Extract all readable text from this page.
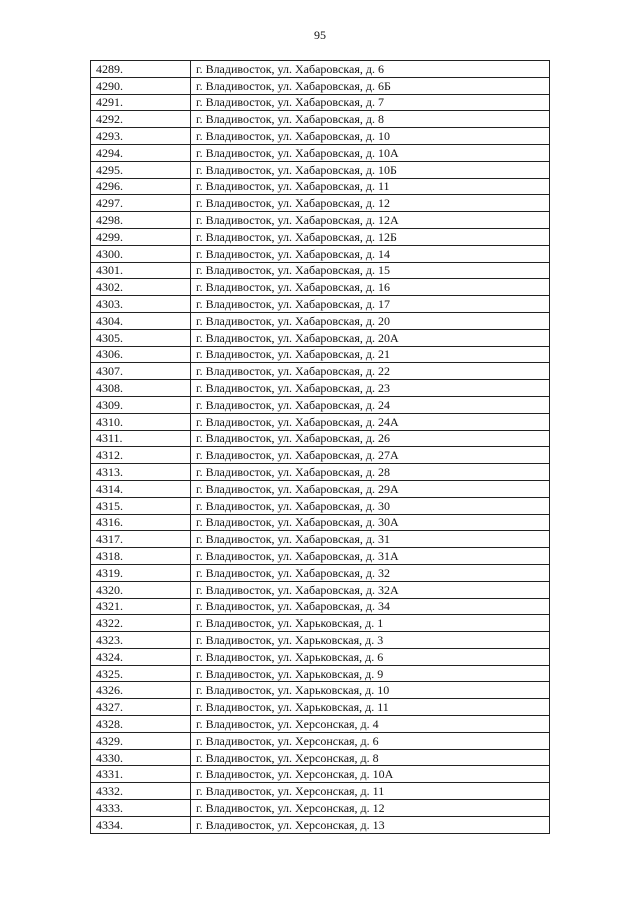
95
4289.	г. Владивосток, ул. Хабаровская, д. 6
4290.	г. Владивосток, ул. Хабаровская, д. 6Б
4291.	г. Владивосток, ул. Хабаровская, д. 7
4292.	г. Владивосток, ул. Хабаровская, д. 8
4293.	г. Владивосток, ул. Хабаровская, д. 10
4294.	г. Владивосток, ул. Хабаровская, д. 10А
4295.	г. Владивосток, ул. Хабаровская, д. 10Б
4296.	г. Владивосток, ул. Хабаровская, д. 11
4297.	г. Владивосток, ул. Хабаровская, д. 12
4298.	г. Владивосток, ул. Хабаровская, д. 12А
4299.	г. Владивосток, ул. Хабаровская, д. 12Б
4300.	г. Владивосток, ул. Хабаровская, д. 14
4301.	г. Владивосток, ул. Хабаровская, д. 15
4302.	г. Владивосток, ул. Хабаровская, д. 16
4303.	г. Владивосток, ул. Хабаровская, д. 17
4304.	г. Владивосток, ул. Хабаровская, д. 20
4305.	г. Владивосток, ул. Хабаровская, д. 20А
4306.	г. Владивосток, ул. Хабаровская, д. 21
4307.	г. Владивосток, ул. Хабаровская, д. 22
4308.	г. Владивосток, ул. Хабаровская, д. 23
4309.	г. Владивосток, ул. Хабаровская, д. 24
4310.	г. Владивосток, ул. Хабаровская, д. 24А
4311.	г. Владивосток, ул. Хабаровская, д. 26
4312.	г. Владивосток, ул. Хабаровская, д. 27А
4313.	г. Владивосток, ул. Хабаровская, д. 28
4314.	г. Владивосток, ул. Хабаровская, д. 29А
4315.	г. Владивосток, ул. Хабаровская, д. 30
4316.	г. Владивосток, ул. Хабаровская, д. 30А
4317.	г. Владивосток, ул. Хабаровская, д. 31
4318.	г. Владивосток, ул. Хабаровская, д. 31А
4319.	г. Владивосток, ул. Хабаровская, д. 32
4320.	г. Владивосток, ул. Хабаровская, д. 32А
4321.	г. Владивосток, ул. Хабаровская, д. 34
4322.	г. Владивосток, ул. Харьковская, д. 1
4323.	г. Владивосток, ул. Харьковская, д. 3
4324.	г. Владивосток, ул. Харьковская, д. 6
4325.	г. Владивосток, ул. Харьковская, д. 9
4326.	г. Владивосток, ул. Харьковская, д. 10
4327.	г. Владивосток, ул. Харьковская, д. 11
4328.	г. Владивосток, ул. Херсонская, д. 4
4329.	г. Владивосток, ул. Херсонская, д. 6
4330.	г. Владивосток, ул. Херсонская, д. 8
4331.	г. Владивосток, ул. Херсонская, д. 10А
4332.	г. Владивосток, ул. Херсонская, д. 11
4333.	г. Владивосток, ул. Херсонская, д. 12
4334.	г. Владивосток, ул. Херсонская, д. 13
